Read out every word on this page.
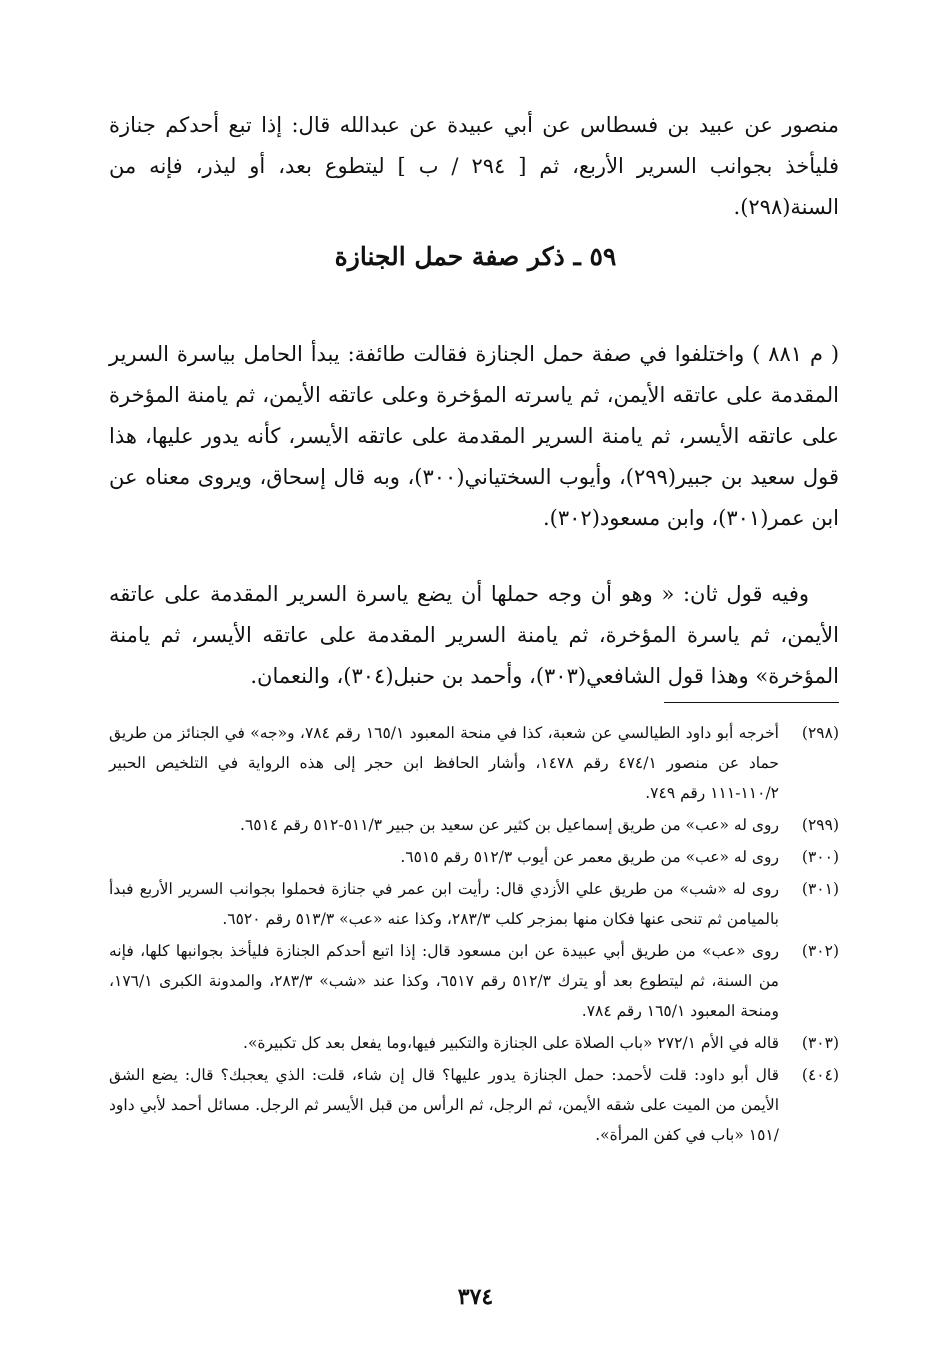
منصور عن عبيد بن فسطاس عن أبي عبيدة عن عبدالله قال: إذا تبع أحدكم جنازة فليأخذ بجوانب السرير الأربع، ثم [ ٢٩٤ / ب ] ليتطوع بعد، أو ليذر، فإنه من السنة(٢٩٨).

٥٩ ـ ذكر صفة حمل الجنازة

( م ٨٨١ ) واختلفوا في صفة حمل الجنازة فقالت طائفة: يبدأ الحامل بياسرة السرير المقدمة على عاتقه الأيمن، ثم ياسرته المؤخرة وعلى عاتقه الأيمن، ثم يامنة المؤخرة على عاتقه الأيسر، ثم يامنة السرير المقدمة على عاتقه الأيسر، كأنه يدور عليها، هذا قول سعيد بن جبير(٢٩٩)، وأيوب السختياني(٣٠٠)، وبه قال إسحاق، ويروى معناه عن ابن عمر(٣٠١)، وابن مسعود(٣٠٢).

وفيه قول ثان: « وهو أن وجه حملها أن يضع ياسرة السرير المقدمة على عاتقه الأيمن، ثم ياسرة المؤخرة، ثم يامنة السرير المقدمة على عاتقه الأيسر، ثم يامنة المؤخرة» وهذا قول الشافعي(٣٠٣)، وأحمد بن حنبل(٣٠٤)، والنعمان.

(٢٩٨)
أخرجه أبو داود الطيالسي عن شعبة، كذا في منحة المعبود ١٦٥/١ رقم ٧٨٤، و«جه» في الجنائز من طريق حماد عن منصور ٤٧٤/١ رقم ١٤٧٨، وأشار الحافظ ابن حجر إلى هذه الرواية في التلخيص الحبير ١١٠/٢-١١١ رقم ٧٤٩.
(٢٩٩)
روى له «عب» من طريق إسماعيل بن كثير عن سعيد بن جبير ٥١١/٣-٥١٢ رقم ٦٥١٤.
(٣٠٠)
روى له «عب» من طريق معمر عن أيوب ٥١٢/٣ رقم ٦٥١٥.
(٣٠١)
روى له «شب» من طريق علي الأزدي قال: رأيت ابن عمر في جنازة فحملوا بجوانب السرير الأربع فبدأ بالميامن ثم تنحى عنها فكان منها بمزجر كلب ٢٨٣/٣، وكذا عنه «عب» ٥١٣/٣ رقم ٦٥٢٠.
(٣٠٢)
روى «عب» من طريق أبي عبيدة عن ابن مسعود قال: إذا اتبع أحدكم الجنازة فليأخذ بجوانبها كلها، فإنه من السنة، ثم ليتطوع بعد أو يترك ٥١٢/٣ رقم ٦٥١٧، وكذا عند «شب» ٢٨٣/٣، والمدونة الكبرى ١٧٦/١، ومنحة المعبود ١٦٥/١ رقم ٧٨٤.
(٣٠٣)
قاله في الأم ٢٧٢/١ «باب الصلاة على الجنازة والتكبير فيها،وما يفعل بعد كل تكبيرة».
(٤٠٤)
قال أبو داود: قلت لأحمد: حمل الجنازة يدور عليها؟ قال إن شاء، قلت: الذي يعجبك؟ قال: يضع الشق الأيمن من الميت على شقه الأيمن، ثم الرجل، ثم الرأس من قبل الأيسر ثم الرجل. مسائل أحمد لأبي داود /١٥١ «باب في كفن المرأة».
٣٧٤
